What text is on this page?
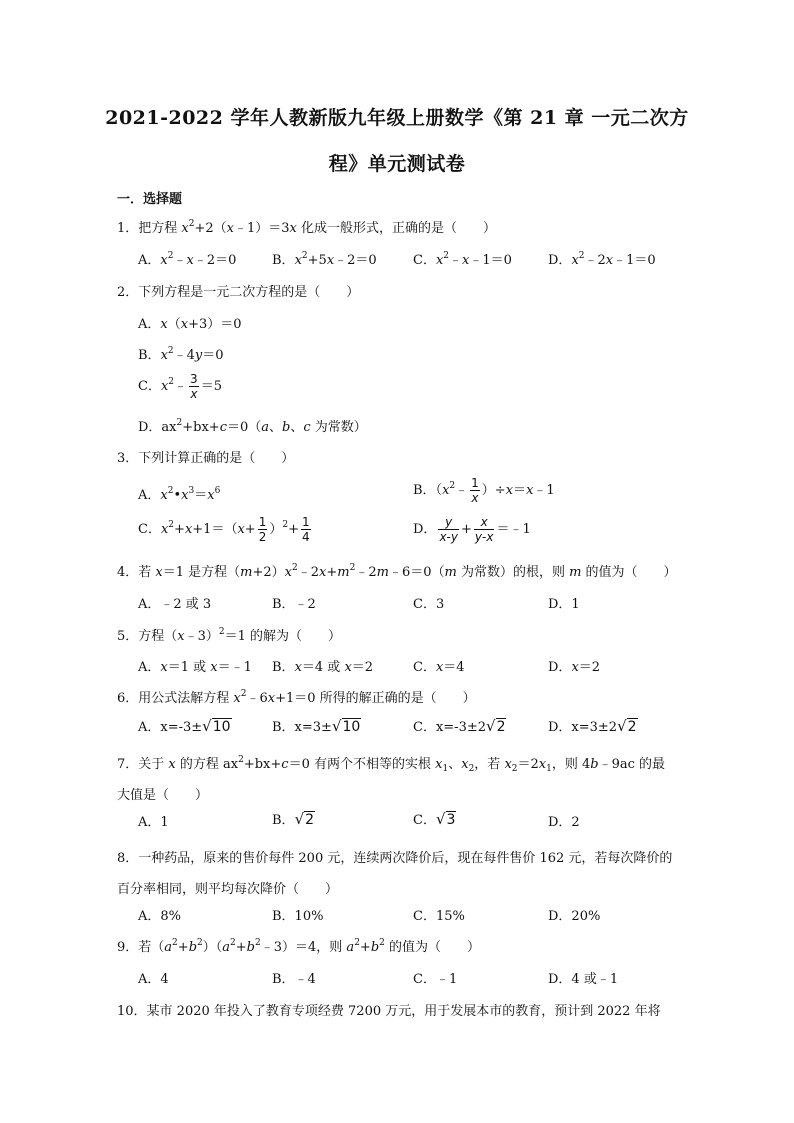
2021-2022 学年人教新版九年级上册数学《第 21 章 一元二次方
程》单元测试卷
一．选择题
1．把方程 $x^2+2(x﹣1)=3x$ 化成一般形式，正确的是（　　）
A．$x^2﹣x﹣2=0$	B．$x^2+5x﹣2=0$	C．$x^2﹣x﹣1=0$	D．$x^2﹣2x﹣1=0$
2．下列方程是一元二次方程的是（　　）
A．x（x+3）＝0
B．$x^2﹣4y=0$
C．$x^2﹣ \frac{3}{x} =5$
D．$ax^2+bx+c=0(a$、b、c 为常数）
3．下列计算正确的是（　　）
A．$x^2•x^3=x^6$	B．（$x^2﹣ \frac{1}{x}$ ）÷x＝x﹣1
C．$x^2+x+1=(x+ \frac{1}{2} )^2+ \frac{1}{4}$	D． $\frac{y}{x-y} + \frac{x}{y-x}$ ＝﹣1
4．若 x＝1 是方程$(m+2)x^2﹣2x+m^2﹣2m﹣6=0(m$ 为常数）的根，则 m 的值为（　　）
A．﹣2 或 3	B．﹣2	C．3	D．1
5．方程（x﹣3）$^2$＝1 的解为（　　）
A．x＝1 或 x＝﹣1 B．x＝4 或 x＝2	C．x＝4	D．x＝2
6．用公式法解方程 $x^2﹣6x+1=0$ 所得的解正确的是（　　）
A．x=-3±√10	B．x=3±√10	C．x=-3±2√2	D．x=3±2√2
7．关于 x 的方程 $ax^2+bx+c=0$ 有两个不相等的实根 $x_1$、$x_2$，若 $x_2=2x_1$，则 4b﹣9ac 的最大值是（　　）
A．1	B．√2	C．√3	D．2
8．一种药品，原来的售价每件 200 元，连续两次降价后，现在每件售价 162 元，若每次降价的百分率相同，则平均每次降价（　　）
A．8%	B．10%	C．15%	D．20%
9．若$(a^2+b^2)(a^2+b^2﹣3)=4$，则 $a^2+b^2$ 的值为（　　）
A．4	B．﹣4	C．﹣1	D．4 或﹣1
10．某市 2020 年投入了教育专项经费 7200 万元，用于发展本市的教育，预计到 2022 年将
